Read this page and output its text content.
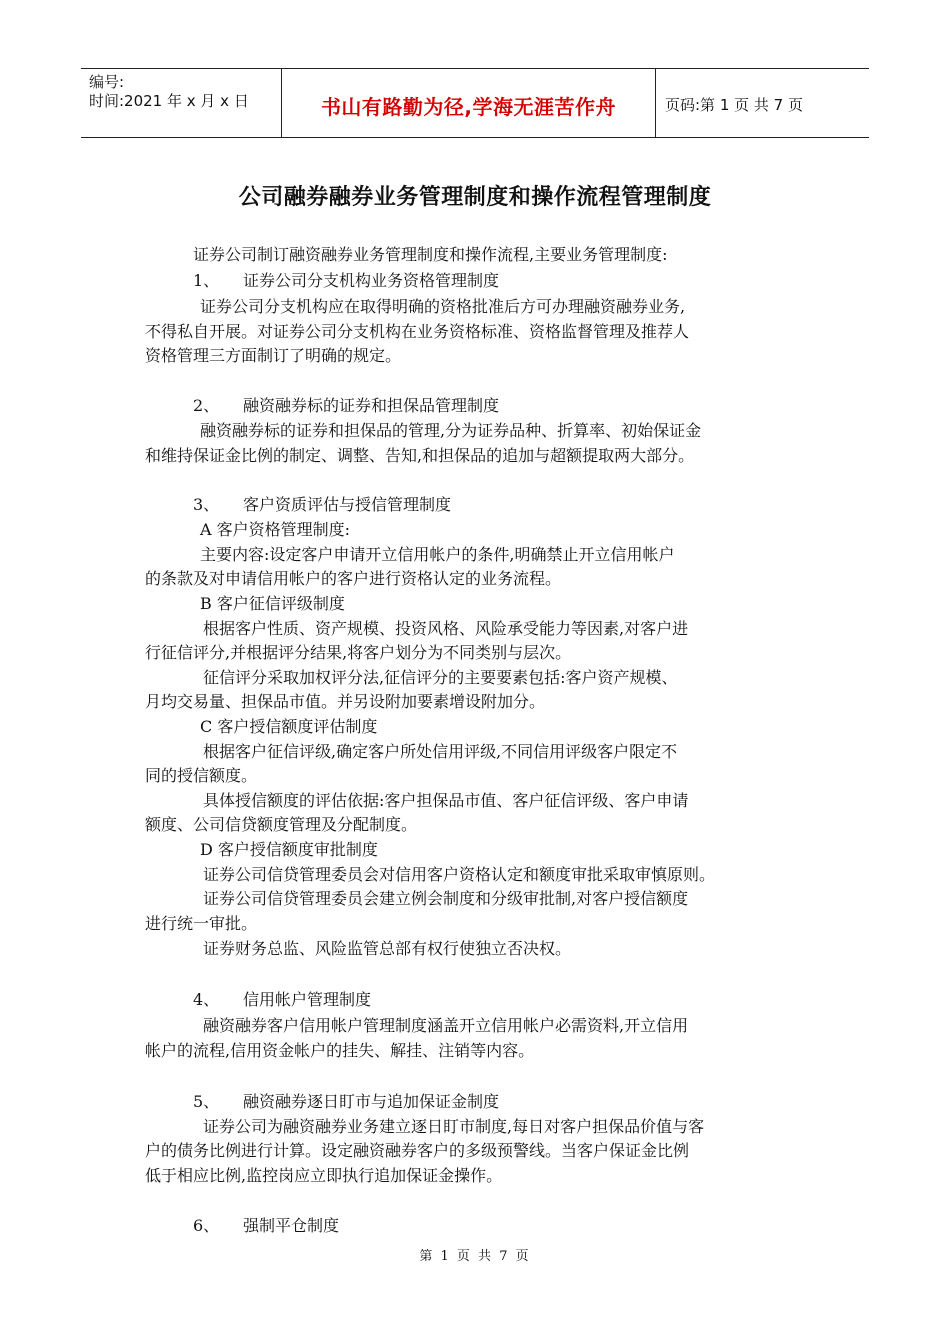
编号:
时间:2021 年 x 月 x 日	书山有路勤为径,学海无涯苦作舟	页码:第 1 页 共 7 页
公司融券融券业务管理制度和操作流程管理制度
证券公司制订融资融券业务管理制度和操作流程,主要业务管理制度:
1、 证券公司分支机构业务资格管理制度
证券公司分支机构应在取得明确的资格批准后方可办理融资融券业务,
不得私自开展。对证券公司分支机构在业务资格标准、资格监督管理及推荐人
资格管理三方面制订了明确的规定。
2、 融资融券标的证券和担保品管理制度
融资融券标的证券和担保品的管理,分为证券品种、折算率、初始保证金
和维持保证金比例的制定、调整、告知,和担保品的追加与超额提取两大部分。
3、 客户资质评估与授信管理制度
A 客户资格管理制度:
主要内容:设定客户申请开立信用帐户的条件,明确禁止开立信用帐户
的条款及对申请信用帐户的客户进行资格认定的业务流程。
B 客户征信评级制度
根据客户性质、资产规模、投资风格、风险承受能力等因素,对客户进
行征信评分,并根据评分结果,将客户划分为不同类别与层次。
征信评分采取加权评分法,征信评分的主要要素包括:客户资产规模、
月均交易量、担保品市值。并另设附加要素增设附加分。
C 客户授信额度评估制度
根据客户征信评级,确定客户所处信用评级,不同信用评级客户限定不
同的授信额度。
具体授信额度的评估依据:客户担保品市值、客户征信评级、客户申请
额度、公司信贷额度管理及分配制度。
D 客户授信额度审批制度
证券公司信贷管理委员会对信用客户资格认定和额度审批采取审慎原则。
证券公司信贷管理委员会建立例会制度和分级审批制,对客户授信额度
进行统一审批。
证券财务总监、风险监管总部有权行使独立否决权。
4、 信用帐户管理制度
融资融券客户信用帐户管理制度涵盖开立信用帐户必需资料,开立信用
帐户的流程,信用资金帐户的挂失、解挂、注销等内容。
5、 融资融券逐日盯市与追加保证金制度
证券公司为融资融券业务建立逐日盯市制度,每日对客户担保品价值与客
户的债务比例进行计算。设定融资融券客户的多级预警线。当客户保证金比例
低于相应比例,监控岗应立即执行追加保证金操作。
6、 强制平仓制度
第 1 页 共 7 页
